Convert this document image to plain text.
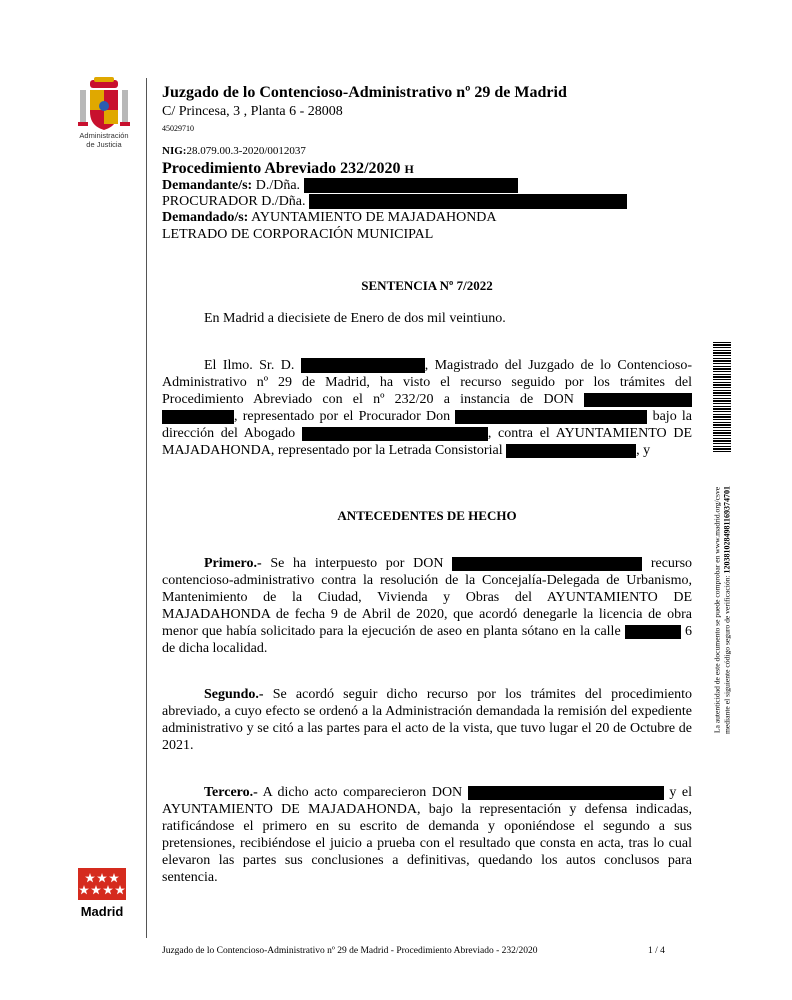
Administración
de Justicia
Madrid
Juzgado de lo Contencioso-Administrativo nº 29 de Madrid
C/ Princesa, 3 , Planta 6 - 28008
45029710
NIG:28.079.00.3-2020/0012037
Procedimiento Abreviado 232/2020 H
Demandante/s: D./Dña.
PROCURADOR D./Dña.
Demandado/s: AYUNTAMIENTO DE MAJADAHONDA
LETRADO DE CORPORACIÓN MUNICIPAL
SENTENCIA Nº 7/2022
En Madrid a diecisiete de Enero de dos mil veintiuno.
El Ilmo. Sr. D.	, Magistrado del Juzgado de lo Contencioso-Administrativo nº 29 de Madrid, ha visto el recurso seguido por los trámites del Procedimiento Abreviado con el nº 232/20 a instancia de DON  , representado por el Procurador Don	bajo la dirección del Abogado	, contra el AYUNTAMIENTO DE MAJADAHONDA, representado por la Letrada Consistorial	, y
ANTECEDENTES DE HECHO
Primero.- Se ha interpuesto por DON	recurso contencioso-administrativo contra la resolución de la Concejalía-Delegada de Urbanismo, Mantenimiento de la Ciudad, Vivienda y Obras del AYUNTAMIENTO DE MAJADAHONDA de fecha 9 de Abril de 2020, que acordó denegarle la licencia de obra menor que había solicitado para la ejecución de aseo en planta sótano en la calle	6 de dicha localidad.
Segundo.- Se acordó seguir dicho recurso por los trámites del procedimiento abreviado, a cuyo efecto se ordenó a la Administración demandada la remisión del expediente administrativo y se citó a las partes para el acto de la vista, que tuvo lugar el 20 de Octubre de 2021.
Tercero.- A dicho acto comparecieron DON	y el AYUNTAMIENTO DE MAJADAHONDA, bajo la representación y defensa indicadas, ratificándose el primero en su escrito de demanda y oponiéndose el segundo a sus pretensiones, recibiéndose el juicio a prueba con el resultado que consta en acta, tras lo cual elevaron las partes sus conclusiones a definitivas, quedando los autos conclusos para sentencia.
La autenticidad de este documento se puede comprobar en www.madrid.org/csve mediante el siguiente código seguro de verificación: 1203810284981169374701
Juzgado de lo Contencioso-Administrativo nº 29 de Madrid - Procedimiento Abreviado - 232/2020	1 / 4
